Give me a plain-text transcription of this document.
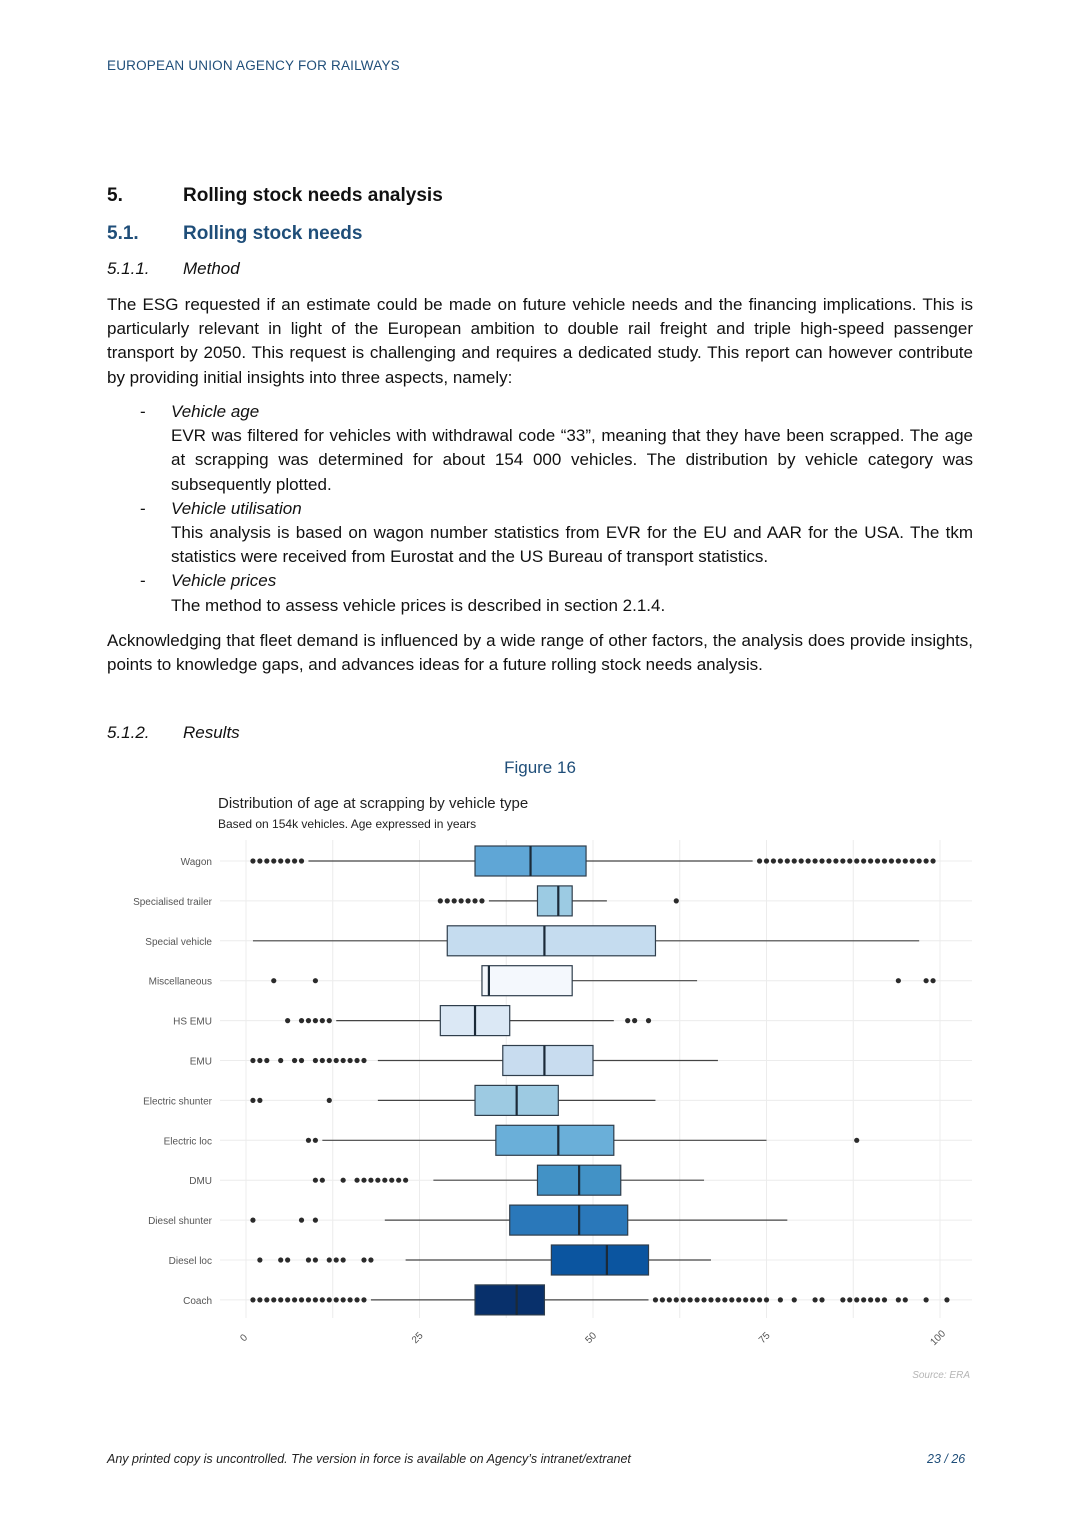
EUROPEAN UNION AGENCY FOR RAILWAYS
5.	Rolling stock needs analysis
5.1. Rolling stock needs
5.1.1. Method
The ESG requested if an estimate could be made on future vehicle needs and the financing implications. This is particularly relevant in light of the European ambition to double rail freight and triple high-speed passenger transport by 2050. This request is challenging and requires a dedicated study. This report can however contribute by providing initial insights into three aspects, namely:
- Vehicle age
EVR was filtered for vehicles with withdrawal code “33”, meaning that they have been scrapped. The age at scrapping was determined for about 154 000 vehicles. The distribution by vehicle category was subsequently plotted.
- Vehicle utilisation
This analysis is based on wagon number statistics from EVR for the EU and AAR for the USA. The tkm statistics were received from Eurostat and the US Bureau of transport statistics.
- Vehicle prices
The method to assess vehicle prices is described in section 2.1.4.
Acknowledging that fleet demand is influenced by a wide range of other factors, the analysis does provide insights, points to knowledge gaps, and advances ideas for a future rolling stock needs analysis.
5.1.2. Results
Figure 16
Distribution of age at scrapping by vehicle type
Based on 154k vehicles. Age expressed in years
Wagon
Specialised trailer
Special vehicle
Miscellaneous
HS EMU
EMU
Electric shunter
Electric loc
DMU
Diesel shunter
Diesel loc
Coach
0	25	50	75	100
Source: ERA
Any printed copy is uncontrolled. The version in force is available on Agency’s intranet/extranet	23 / 26
